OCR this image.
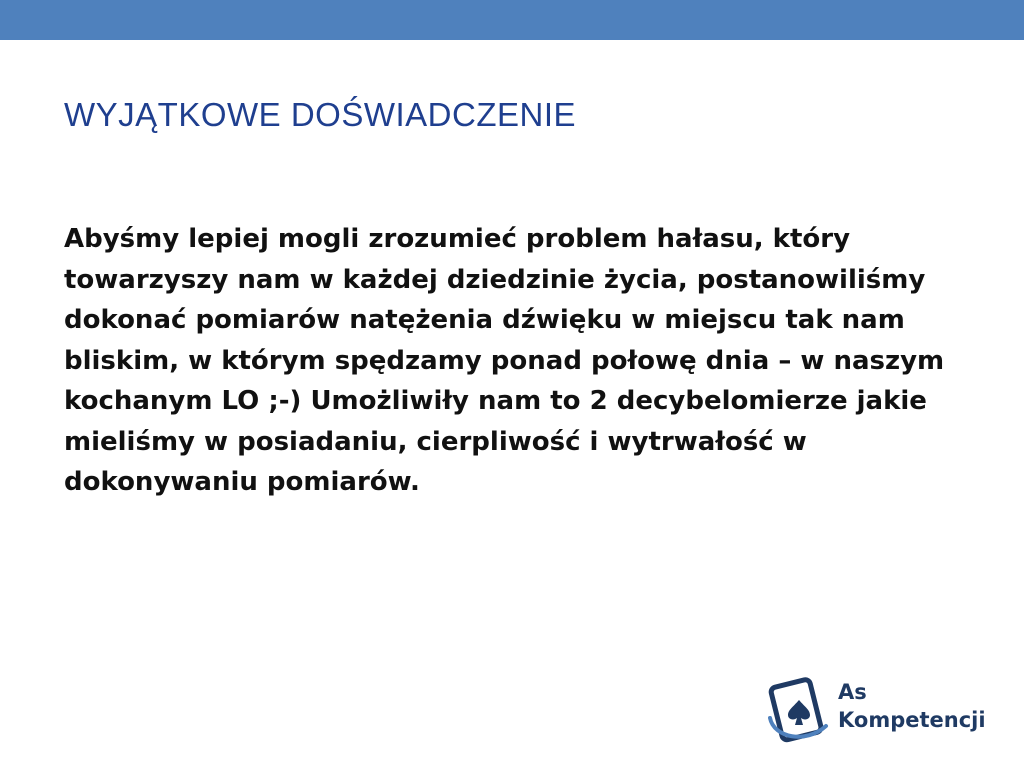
WYJĄTKOWE DOŚWIADCZENIE

Abyśmy lepiej mogli zrozumieć problem hałasu, który towarzyszy nam w każdej dziedzinie życia, postanowiliśmy dokonać pomiarów natężenia dźwięku w miejscu tak nam bliskim, w którym spędzamy ponad połowę dnia – w naszym kochanym LO ;-) Umożliwiły nam to 2 decybelomierze jakie mieliśmy w posiadaniu, cierpliwość i wytrwałość w dokonywaniu pomiarów.

As
Kompetencji
